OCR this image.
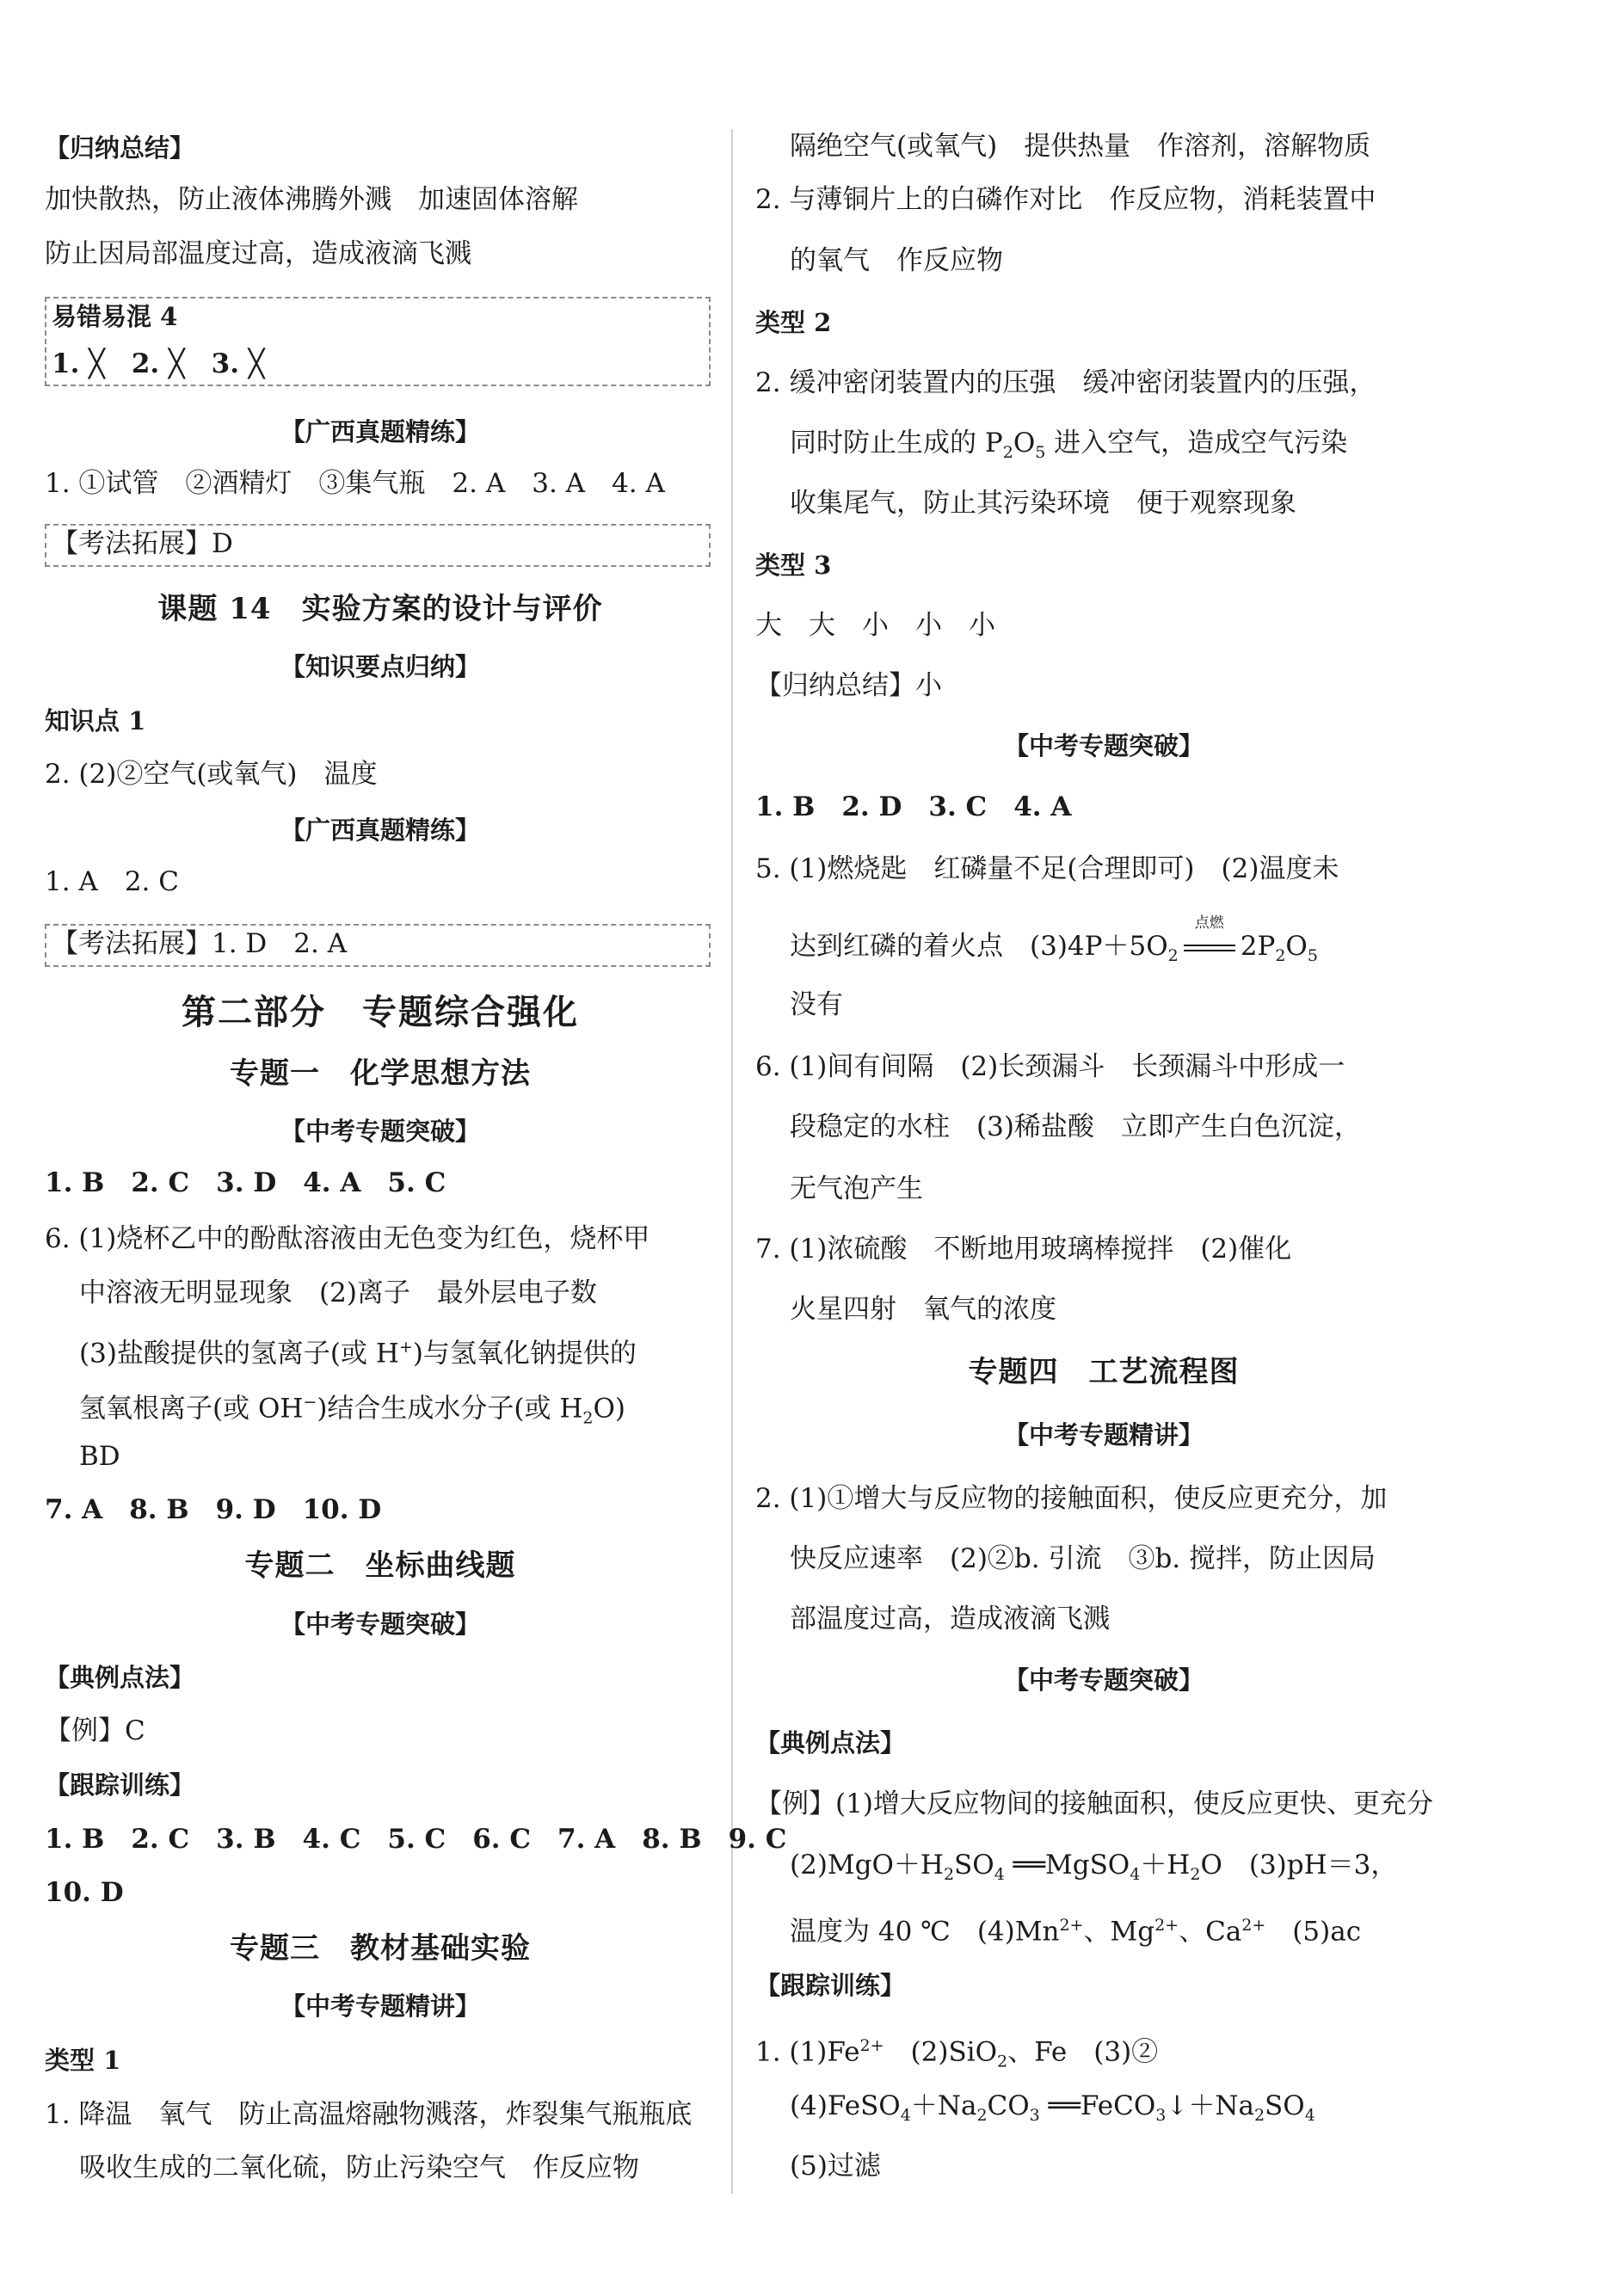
【归纳总结】
加快散热，防止液体沸腾外溅　加速固体溶解
防止因局部温度过高，造成液滴飞溅
易错易混 4
1. ╳　2. ╳　3. ╳
【广西真题精练】
1. ①试管　②酒精灯　③集气瓶　2. A　3. A　4. A
【考法拓展】D
课题 14　实验方案的设计与评价
【知识要点归纳】
知识点 1
2. (2)②空气(或氧气)　温度
【广西真题精练】
1. A　2. C
【考法拓展】1. D　2. A
第二部分　专题综合强化
专题一　化学思想方法
【中考专题突破】
1. B　2. C　3. D　4. A　5. C
6. (1)烧杯乙中的酚酞溶液由无色变为红色，烧杯甲
中溶液无明显现象　(2)离子　最外层电子数
(3)盐酸提供的氢离子(或 H+)与氢氧化钠提供的
氢氧根离子(或 OH−)结合生成水分子(或 $H_2O$)
BD
7. A　8. B　9. D　10. D
专题二　坐标曲线题
【中考专题突破】
【典例点法】
【例】C
【跟踪训练】
1. B　2. C　3. B　4. C　5. C　6. C　7. A　8. B　9. C
10. D
专题三　教材基础实验
【中考专题精讲】
类型 1
1. 降温　氧气　防止高温熔融物溅落，炸裂集气瓶瓶底
吸收生成的二氧化硫，防止污染空气　作反应物
隔绝空气(或氧气)　提供热量　作溶剂，溶解物质
2. 与薄铜片上的白磷作对比　作反应物，消耗装置中
的氧气　作反应物
类型 2
2. 缓冲密闭装置内的压强　缓冲密闭装置内的压强，
同时防止生成的 $P_2O_5$ 进入空气，造成空气污染
收集尾气，防止其污染环境　便于观察现象
类型 3
大　大　小　小　小
【归纳总结】小
【中考专题突破】
1. B　2. D　3. C　4. A
5. (1)燃烧匙　红磷量不足(合理即可)　(2)温度未
达到红磷的着火点　$(3)4P+5O_2$
点燃
$2P_2O_5$
没有
6. (1)间有间隔　(2)长颈漏斗　长颈漏斗中形成一
段稳定的水柱　(3)稀盐酸　立即产生白色沉淀，
无气泡产生
7. (1)浓硫酸　不断地用玻璃棒搅拌　(2)催化
火星四射　氧气的浓度
专题四　工艺流程图
【中考专题精讲】
2. (1)①增大与反应物的接触面积，使反应更充分，加
快反应速率　(2)②b. 引流　③b. 搅拌，防止因局
部温度过高，造成液滴飞溅
【中考专题突破】
【典例点法】
【例】(1)增大反应物间的接触面积，使反应更快、更充分
$(2)MgO+H_2SO_4$ $══MgSO_4+H_2O$　(3)pH＝3，
温度为 40 ℃　$(4)Mn^{2+}$、$Mg^{2+}$、$Ca^{2+}$　(5)ac
【跟踪训练】
1. $(1)Fe^{2+}$　(2)SiO$_2$、Fe　(3)②
$(4)FeSO_4+Na_2CO_3$ $══FeCO_3↓+Na_2SO_4$
(5)过滤
